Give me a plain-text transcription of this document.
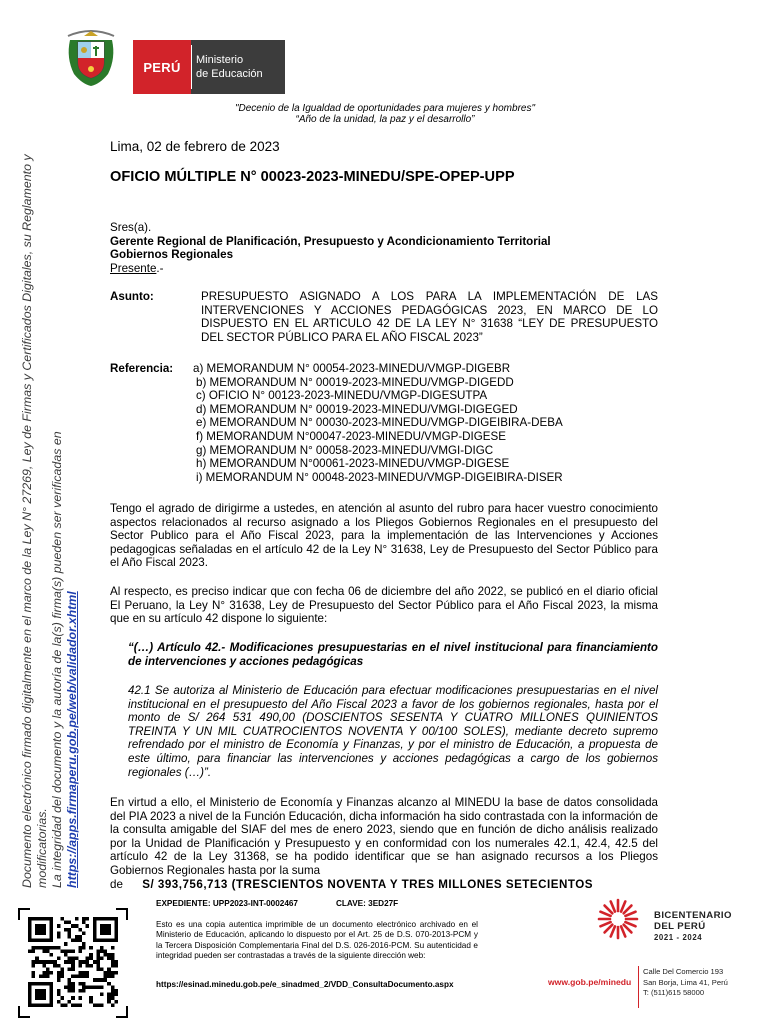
PERÚ	Ministerio
de Educación
"Decenio de la Igualdad de oportunidades para mujeres y hombres"
“Año de la unidad, la paz y el desarrollo”
Lima, 02 de febrero de 2023
OFICIO MÚLTIPLE N° 00023-2023-MINEDU/SPE-OPEP-UPP
Sres(a).
Gerente Regional de Planificación, Presupuesto y Acondicionamiento Territorial
Gobiernos Regionales
Presente.-
Asunto:	PRESUPUESTO ASIGNADO A LOS PARA LA IMPLEMENTACIÓN DE LAS INTERVENCIONES Y ACCIONES PEDAGÓGICAS 2023, EN MARCO DE LO DISPUESTO EN EL ARTICULO 42 DE LA LEY N° 31638 “LEY DE PRESUPUESTO DEL SECTOR PÚBLICO PARA EL AÑO FISCAL 2023”
Referencia: a) MEMORANDUM N° 00054-2023-MINEDU/VMGP-DIGEBR
b) MEMORANDUM N° 00019-2023-MINEDU/VMGP-DIGEDD
c) OFICIO N° 00123-2023-MINEDU/VMGP-DIGESUTPA
d) MEMORANDUM N° 00019-2023-MINEDU/VMGI-DIGEGED
e) MEMORANDUM N° 00030-2023-MINEDU/VMGP-DIGEIBIRA-DEBA
f) MEMORANDUM N°00047-2023-MINEDU/VMGP-DIGESE
g) MEMORANDUM N° 00058-2023-MINEDU/VMGI-DIGC
h) MEMORANDUM N°00061-2023-MINEDU/VMGP-DIGESE
i) MEMORANDUM N° 00048-2023-MINEDU/VMGP-DIGEIBIRA-DISER
Tengo el agrado de dirigirme a ustedes, en atención al asunto del rubro para hacer vuestro conocimiento aspectos relacionados al recurso asignado a los Pliegos Gobiernos Regionales en el presupuesto del Sector Publico para el Año Fiscal 2023, para la implementación de las Intervenciones y Acciones pedagogicas señaladas en el artículo 42 de la Ley N° 31638, Ley de Presupuesto del Sector Público para el Año Fiscal 2023.
Al respecto, es preciso indicar que con fecha 06 de diciembre del año 2022, se publicó en el diario oficial El Peruano, la Ley N° 31638, Ley de Presupuesto del Sector Público para el Año Fiscal 2023, la misma que en su artículo 42 dispone lo siguiente:
“(…) Artículo 42.- Modificaciones presupuestarias en el nivel institucional para financiamiento de intervenciones y acciones pedagógicas
42.1 Se autoriza al Ministerio de Educación para efectuar modificaciones presupuestarias en el nivel institucional en el presupuesto del Año Fiscal 2023 a favor de los gobiernos regionales, hasta por el monto de S/ 264 531 490,00 (DOSCIENTOS SESENTA Y CUATRO MILLONES QUINIENTOS TREINTA Y UN MIL CUATROCIENTOS NOVENTA Y 00/100 SOLES), mediante decreto supremo refrendado por el ministro de Economía y Finanzas, y por el ministro de Educación, a propuesta de este último, para financiar las intervenciones y acciones pedagógicas a cargo de los gobiernos regionales (…)”.
En virtud a ello, el Ministerio de Economía y Finanzas alcanzo al MINEDU la base de datos consolidada del PIA 2023 a nivel de la Función Educación, dicha información ha sido contrastada con la información de la consulta amigable del SIAF del mes de enero 2023, siendo que en función de dicho análisis realizado por la Unidad de Planificación y Presupuesto y en conformidad con los numerales 42.1, 42.4, 42.5 del artículo 42 de la Ley 31368, se ha podido identificar que se han asignado recursos a los Pliegos Gobiernos Regionales hasta por la suma
de S/ 393,756,713 (TRESCIENTOS NOVENTA Y TRES MILLONES SETECIENTOS
Documento electrónico firmado digitalmente en el marco de la Ley N° 27269, Ley de Firmas y Certificados Digitales, su Reglamento y modificatorias. La integridad del documento y la autoría de la(s) firma(s) pueden ser verificadas en https://apps.firmaperu.gob.pe/web/validador.xhtml
EXPEDIENTE: UPP2023-INT-0002467	CLAVE: 3ED27F
Esto es una copia autentica imprimible de un documento electrónico archivado en el Ministerio de Educación, aplicando lo dispuesto por el Art. 25 de D.S. 070-2013-PCM y la Tercera Disposición Complementaria Final del D.S. 026-2016-PCM. Su autenticidad e integridad pueden ser contrastadas a través de la siguiente dirección web:
https://esinad.minedu.gob.pe/e_sinadmed_2/VDD_ConsultaDocumento.aspx	www.gob.pe/minedu
Calle Del Comercio 193
San Borja, Lima 41, Perú
T: (511)615 58000
BICENTENARIO
DEL PERÚ
2021 - 2024
